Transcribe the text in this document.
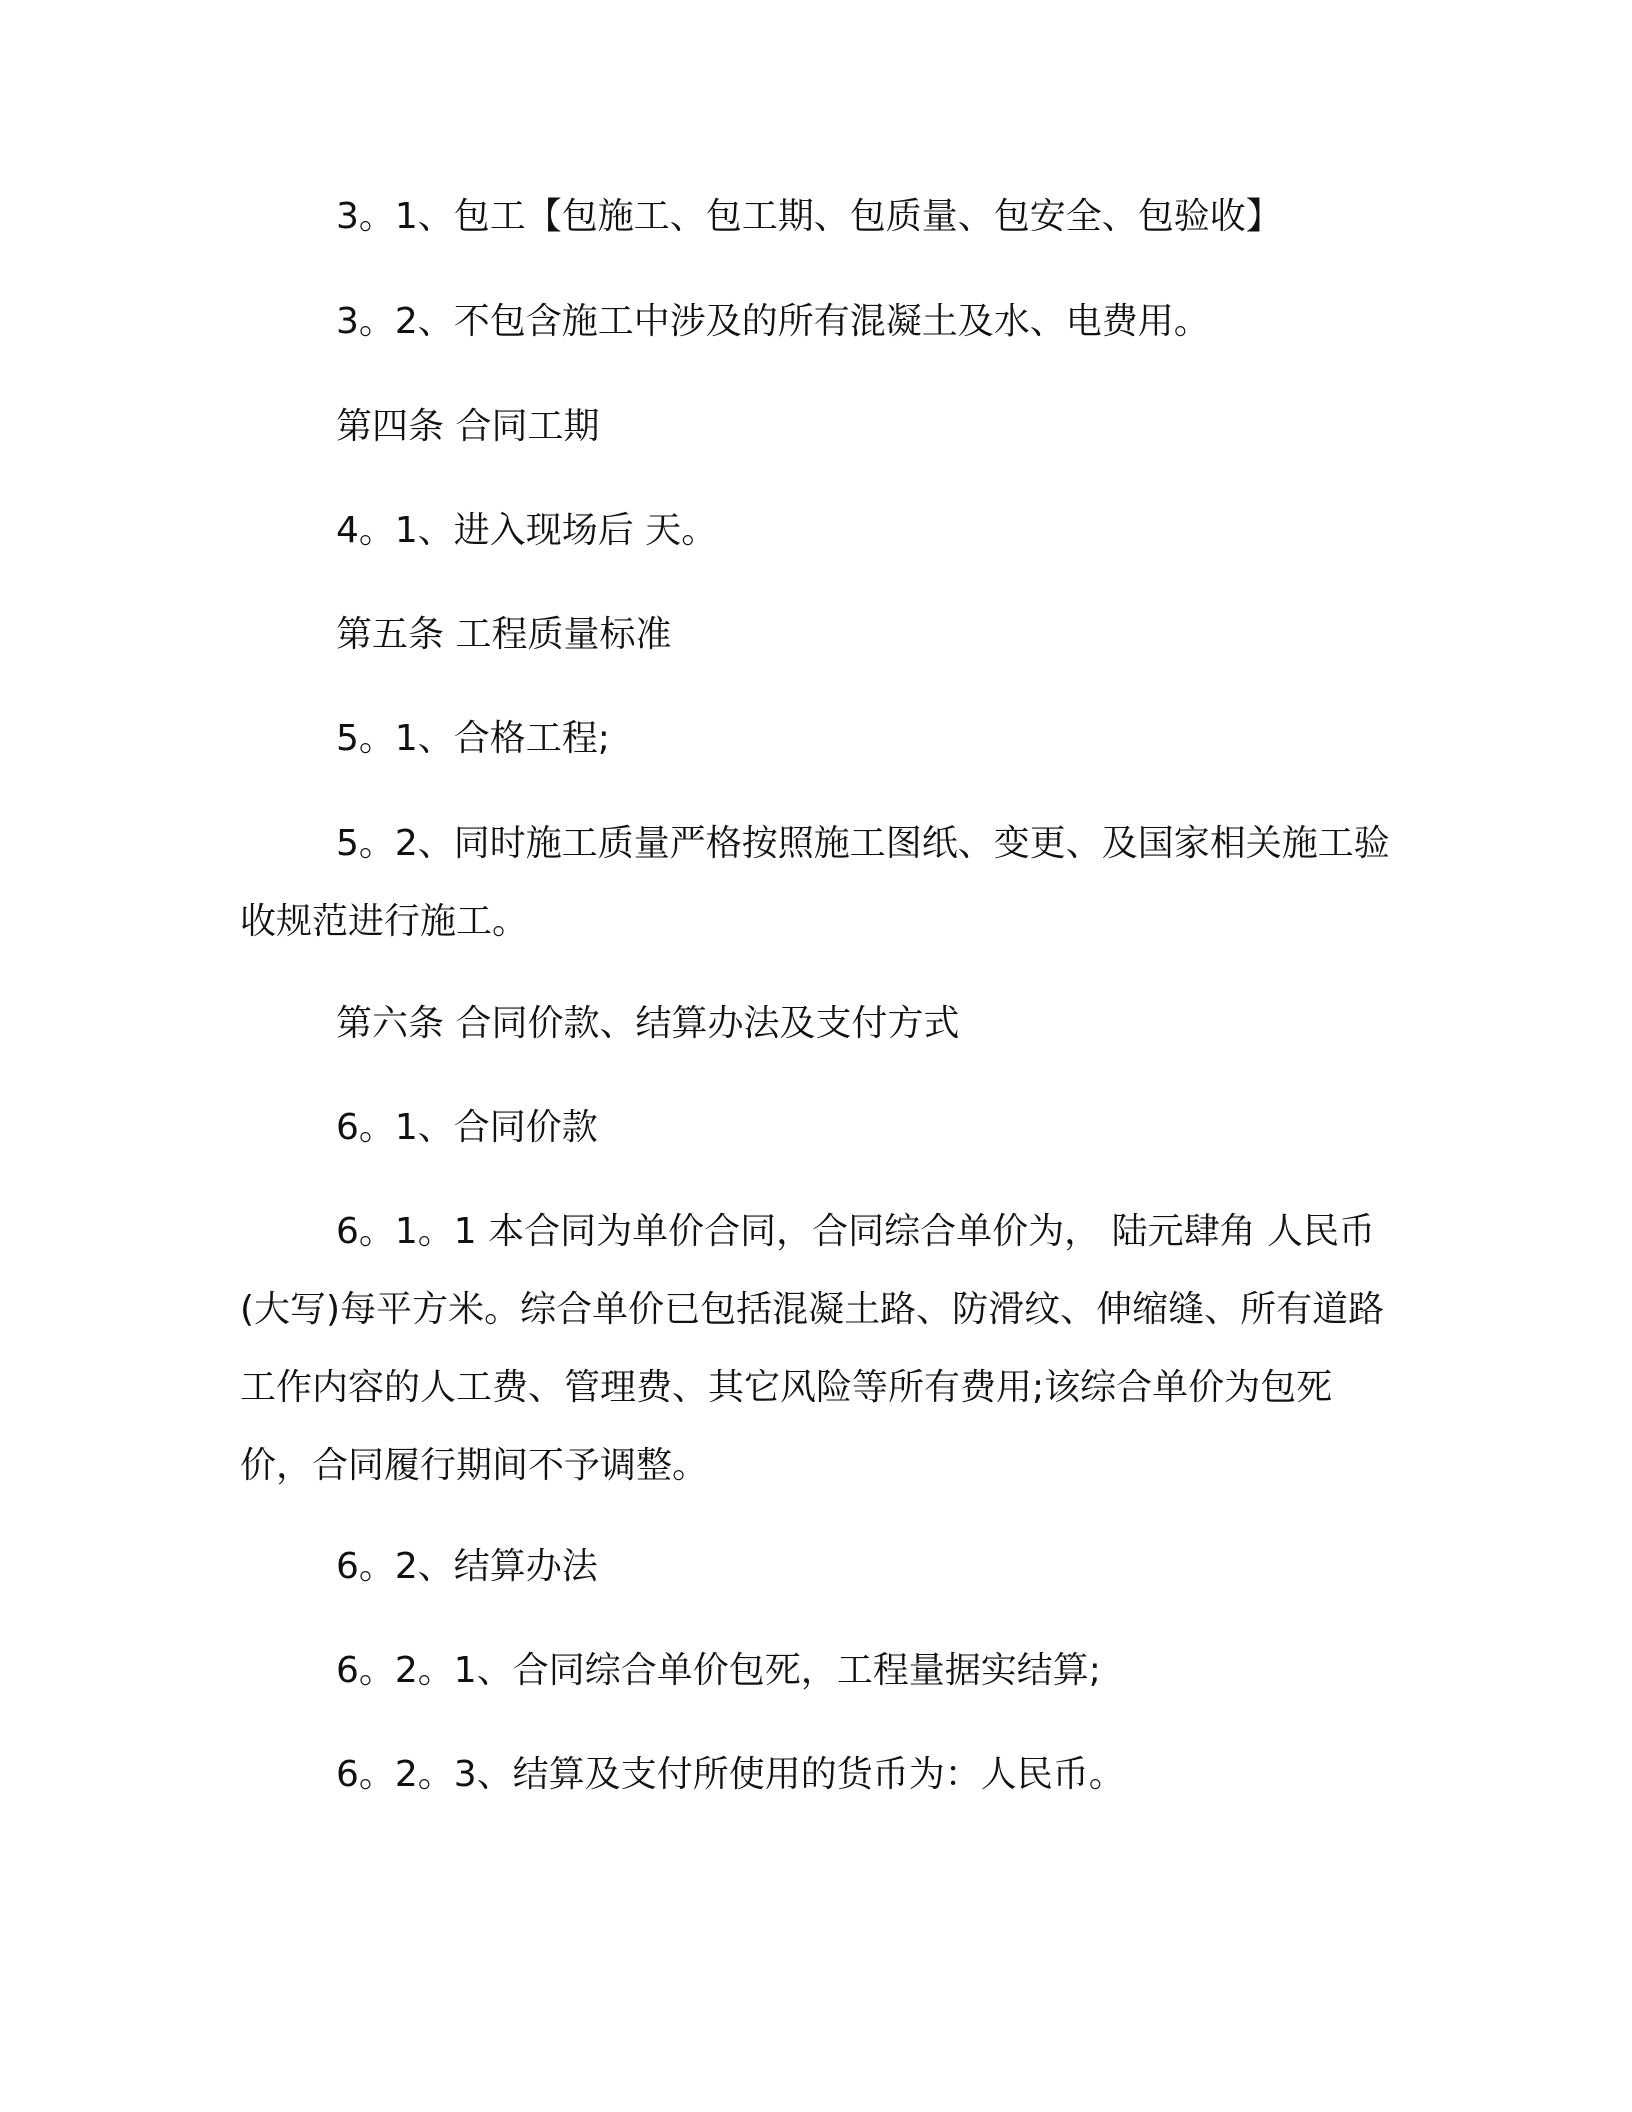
3。1、包工【包施工、包工期、包质量、包安全、包验收】

3。2、不包含施工中涉及的所有混凝土及水、电费用。

第四条 合同工期

4。1、进入现场后 天。

第五条 工程质量标准

5。1、合格工程;

5。2、同时施工质量严格按照施工图纸、变更、及国家相关施工验收规范进行施工。

第六条 合同价款、结算办法及支付方式

6。1、合同价款

6。1。1 本合同为单价合同，合同综合单价为， 陆元肆角 人民币(大写)每平方米。综合单价已包括混凝土路、防滑纹、伸缩缝、所有道路工作内容的人工费、管理费、其它风险等所有费用;该综合单价为包死价，合同履行期间不予调整。

6。2、结算办法

6。2。1、合同综合单价包死，工程量据实结算;

6。2。3、结算及支付所使用的货币为：人民币。
